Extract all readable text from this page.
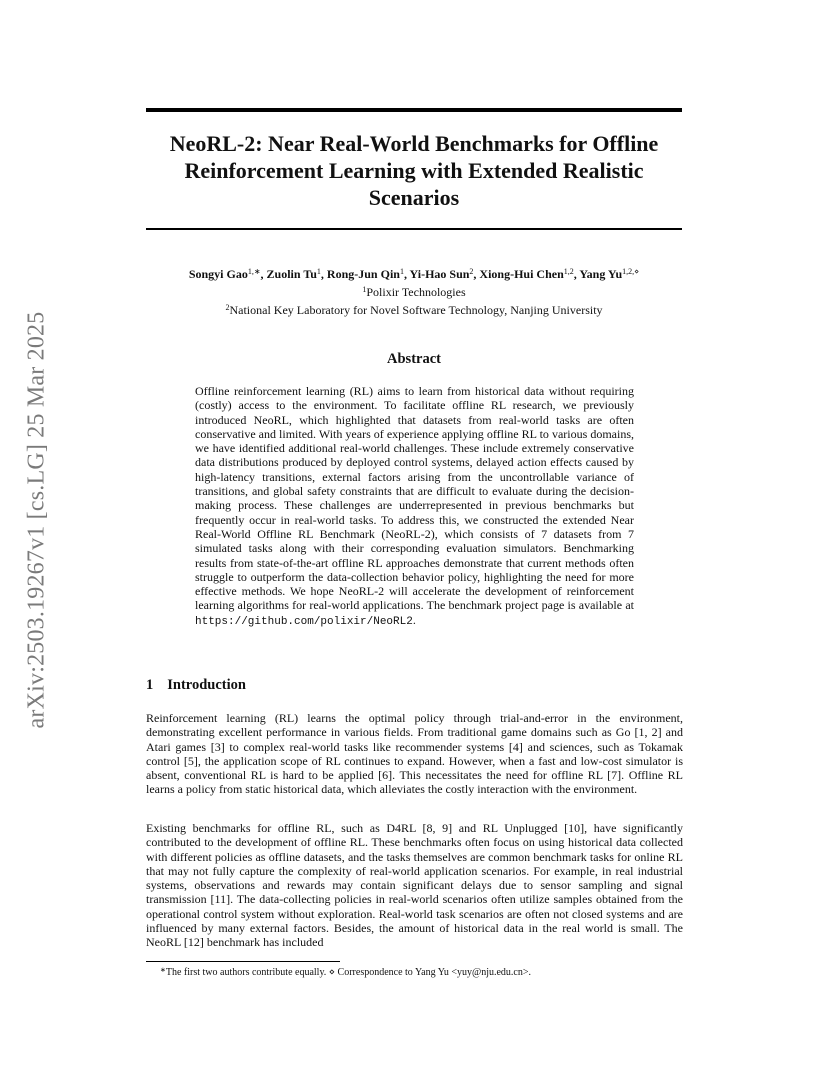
arXiv:2503.19267v1 [cs.LG] 25 Mar 2025
NeoRL-2: Near Real-World Benchmarks for Offline
Reinforcement Learning with Extended Realistic
Scenarios
Songyi Gao$^{1,∗}$, Zuolin Tu$^1$, Rong-Jun Qin$^1$, Yi-Hao Sun$^2$, Xiong-Hui Chen$^{1,2}$, Yang $Yu^{1,2,⋄}$
$^1$Polixir Technologies
$^2$National Key Laboratory for Novel Software Technology, Nanjing University
Abstract

Offline reinforcement learning (RL) aims to learn from historical data without requiring (costly) access to the environment. To facilitate offline RL research, we previously introduced NeoRL, which highlighted that datasets from real-world tasks are often conservative and limited. With years of experience applying offline RL to various domains, we have identified additional real-world challenges. These include extremely conservative data distributions produced by deployed control systems, delayed action effects caused by high-latency transitions, external factors arising from the uncontrollable variance of transitions, and global safety constraints that are difficult to evaluate during the decision-making process. These challenges are underrepresented in previous benchmarks but frequently occur in real-world tasks. To address this, we constructed the extended Near Real-World Offline RL Benchmark (NeoRL-2), which consists of 7 datasets from 7 simulated tasks along with their corresponding evaluation simulators. Benchmarking results from state-of-the-art offline RL approaches demonstrate that current methods often struggle to outperform the data-collection behavior policy, highlighting the need for more effective methods. We hope NeoRL-2 will accelerate the development of reinforcement learning algorithms for real-world applications. The benchmark project page is available at https://github.com/polixir/NeoRL2.

1 Introduction

Reinforcement learning (RL) learns the optimal policy through trial-and-error in the environment, demonstrating excellent performance in various fields. From traditional game domains such as Go [1, 2] and Atari games [3] to complex real-world tasks like recommender systems [4] and sciences, such as Tokamak control [5], the application scope of RL continues to expand. However, when a fast and low-cost simulator is absent, conventional RL is hard to be applied [6]. This necessitates the need for offline RL [7]. Offline RL learns a policy from static historical data, which alleviates the costly interaction with the environment.

Existing benchmarks for offline RL, such as D4RL [8, 9] and RL Unplugged [10], have significantly contributed to the development of offline RL. These benchmarks often focus on using historical data collected with different policies as offline datasets, and the tasks themselves are common benchmark tasks for online RL that may not fully capture the complexity of real-world application scenarios. For example, in real industrial systems, observations and rewards may contain significant delays due to sensor sampling and signal transmission [11]. The data-collecting policies in real-world scenarios often utilize samples obtained from the operational control system without exploration. Real-world task scenarios are often not closed systems and are influenced by many external factors. Besides, the amount of historical data in the real world is small. The NeoRL [12] benchmark has included

∗The first two authors contribute equally. ⋄ Correspondence to Yang Yu <yuy@nju.edu.cn>.
